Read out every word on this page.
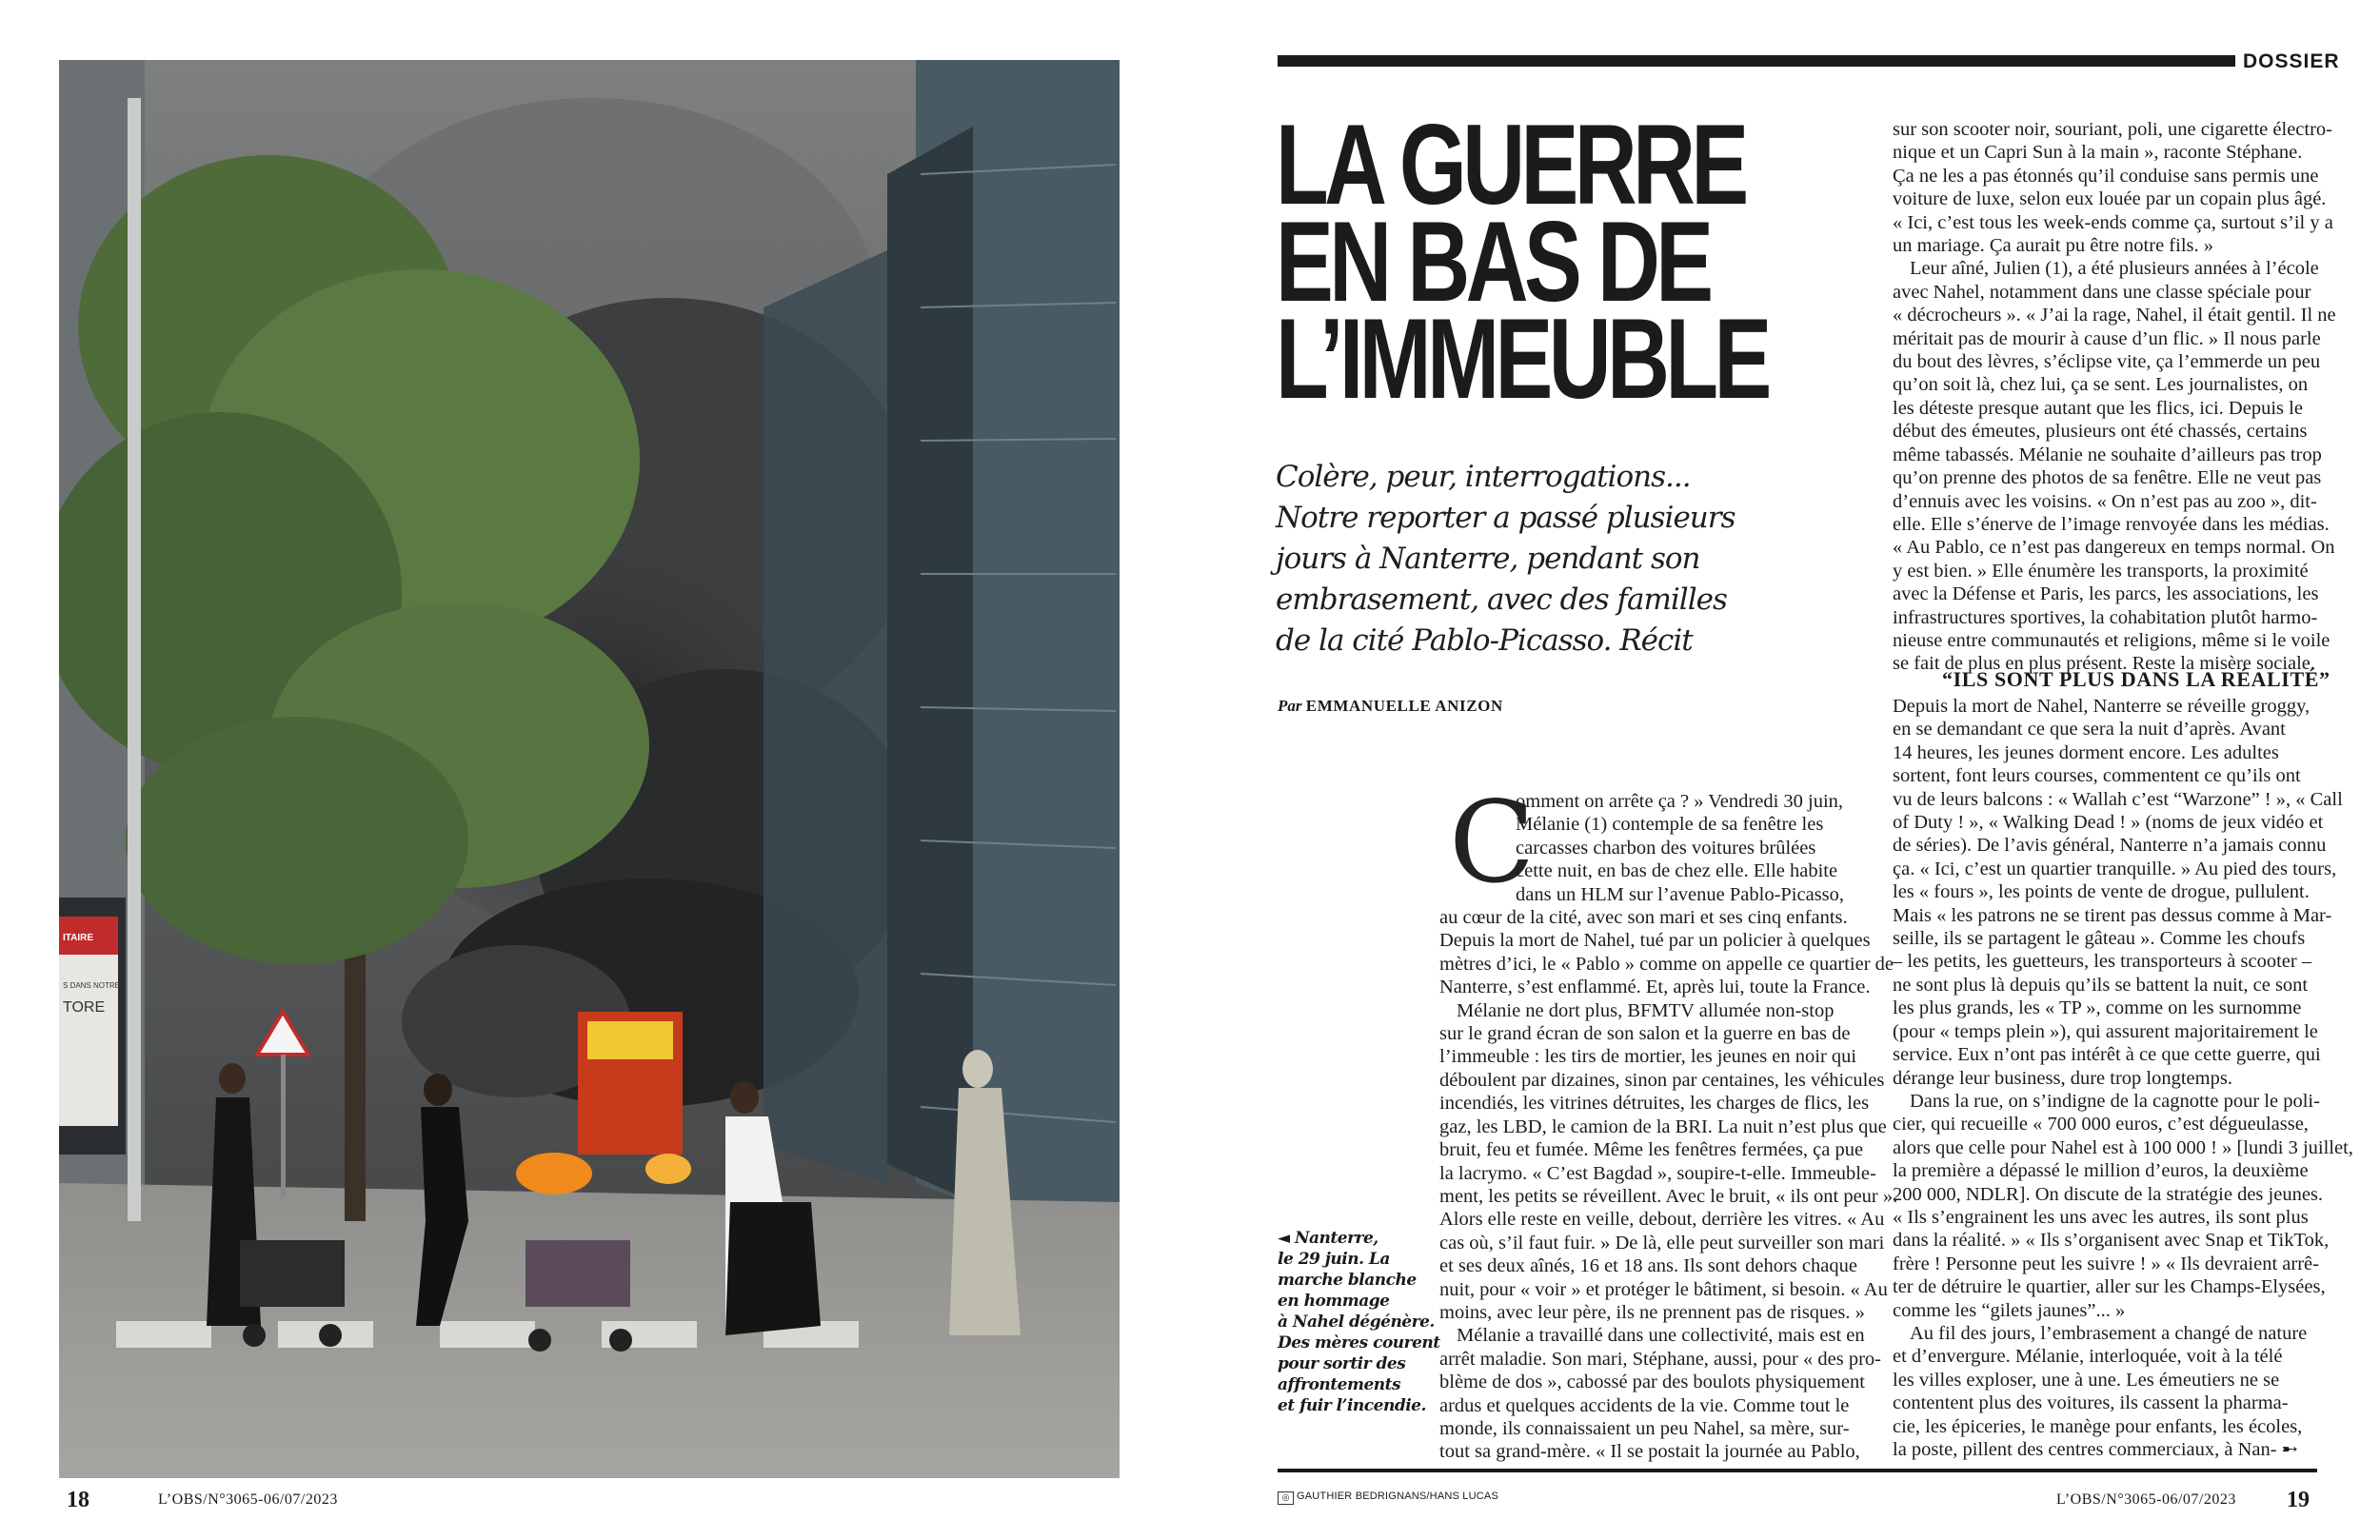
ITAIRE
S DANS NOTRE
TORE
18	L’OBS/N°3065-06/07/2023
DOSSIER
LA GUERRE
EN BAS DE
L’IMMEUBLE

Colère, peur, interrogations...
Notre reporter a passé plusieurs
jours à Nanterre, pendant son
embrasement, avec des familles
de la cité Pablo-Picasso. Récit

Par EMMANUELLE ANIZON
◄ Nanterre,
le 29 juin. La
marche blanche
en hommage
à Nahel dégénère.
Des mères courent
pour sortir des
affrontements
et fuir l’incendie.
C
omment on arrête ça ? » Vendredi 30 juin,
Mélanie (1) contemple de sa fenêtre les
carcasses charbon des voitures brûlées
cette nuit, en bas de chez elle. Elle habite
dans un HLM sur l’avenue Pablo-Picasso,
au cœur de la cité, avec son mari et ses cinq enfants.
Depuis la mort de Nahel, tué par un policier à quelques
mètres d’ici, le « Pablo » comme on appelle ce quartier de
Nanterre, s’est enflammé. Et, après lui, toute la France.
Mélanie ne dort plus, BFMTV allumée non-stop
sur le grand écran de son salon et la guerre en bas de
l’immeuble : les tirs de mortier, les jeunes en noir qui
déboulent par dizaines, sinon par centaines, les véhicules
incendiés, les vitrines détruites, les charges de flics, les
gaz, les LBD, le camion de la BRI. La nuit n’est plus que
bruit, feu et fumée. Même les fenêtres fermées, ça pue
la lacrymo. « C’est Bagdad », soupire-t-elle. Immeuble-
ment, les petits se réveillent. Avec le bruit, « ils ont peur ».
Alors elle reste en veille, debout, derrière les vitres. « Au
cas où, s’il faut fuir. » De là, elle peut surveiller son mari
et ses deux aînés, 16 et 18 ans. Ils sont dehors chaque
nuit, pour « voir » et protéger le bâtiment, si besoin. « Au
moins, avec leur père, ils ne prennent pas de risques. »
Mélanie a travaillé dans une collectivité, mais est en
arrêt maladie. Son mari, Stéphane, aussi, pour « des pro-
blème de dos », cabossé par des boulots physiquement
ardus et quelques accidents de la vie. Comme tout le
monde, ils connaissaient un peu Nahel, sa mère, sur-
tout sa grand-mère. « Il se postait la journée au Pablo,
sur son scooter noir, souriant, poli, une cigarette électro-
nique et un Capri Sun à la main », raconte Stéphane.
Ça ne les a pas étonnés qu’il conduise sans permis une
voiture de luxe, selon eux louée par un copain plus âgé.
« Ici, c’est tous les week-ends comme ça, surtout s’il y a
un mariage. Ça aurait pu être notre fils. »
Leur aîné, Julien (1), a été plusieurs années à l’école
avec Nahel, notamment dans une classe spéciale pour
« décrocheurs ». « J’ai la rage, Nahel, il était gentil. Il ne
méritait pas de mourir à cause d’un flic. » Il nous parle
du bout des lèvres, s’éclipse vite, ça l’emmerde un peu
qu’on soit là, chez lui, ça se sent. Les journalistes, on
les déteste presque autant que les flics, ici. Depuis le
début des émeutes, plusieurs ont été chassés, certains
même tabassés. Mélanie ne souhaite d’ailleurs pas trop
qu’on prenne des photos de sa fenêtre. Elle ne veut pas
d’ennuis avec les voisins. « On n’est pas au zoo », dit-
elle. Elle s’énerve de l’image renvoyée dans les médias.
« Au Pablo, ce n’est pas dangereux en temps normal. On
y est bien. » Elle énumère les transports, la proximité
avec la Défense et Paris, les parcs, les associations, les
infrastructures sportives, la cohabitation plutôt harmo-
nieuse entre communautés et religions, même si le voile
se fait de plus en plus présent. Reste la misère sociale.
“ILS SONT PLUS DANS LA RÉALITÉ”
Depuis la mort de Nahel, Nanterre se réveille groggy,
en se demandant ce que sera la nuit d’après. Avant
14 heures, les jeunes dorment encore. Les adultes
sortent, font leurs courses, commentent ce qu’ils ont
vu de leurs balcons : « Wallah c’est “Warzone” ! », « Call
of Duty ! », « Walking Dead ! » (noms de jeux vidéo et
de séries). De l’avis général, Nanterre n’a jamais connu
ça. « Ici, c’est un quartier tranquille. » Au pied des tours,
les « fours », les points de vente de drogue, pullulent.
Mais « les patrons ne se tirent pas dessus comme à Mar-
seille, ils se partagent le gâteau ». Comme les choufs
– les petits, les guetteurs, les transporteurs à scooter –
ne sont plus là depuis qu’ils se battent la nuit, ce sont
les plus grands, les « TP », comme on les surnomme
(pour « temps plein »), qui assurent majoritairement le
service. Eux n’ont pas intérêt à ce que cette guerre, qui
dérange leur business, dure trop longtemps.
Dans la rue, on s’indigne de la cagnotte pour le poli-
cier, qui recueille « 700 000 euros, c’est dégueulasse,
alors que celle pour Nahel est à 100 000 ! » [lundi 3 juillet,
la première a dépassé le million d’euros, la deuxième
200 000, NDLR]. On discute de la stratégie des jeunes.
« Ils s’engrainent les uns avec les autres, ils sont plus
dans la réalité. » « Ils s’organisent avec Snap et TikTok,
frère ! Personne peut les suivre ! » « Ils devraient arrê-
ter de détruire le quartier, aller sur les Champs-Elysées,
comme les “gilets jaunes”... »
Au fil des jours, l’embrasement a changé de nature
et d’envergure. Mélanie, interloquée, voit à la télé
les villes exploser, une à une. Les émeutiers ne se
contentent plus des voitures, ils cassent la pharma-
cie, les épiceries, le manège pour enfants, les écoles,
la poste, pillent des centres commerciaux, à Nan- ➸
◎ GAUTHIER BEDRIGNANS/HANS LUCAS	L’OBS/N°3065-06/07/2023 19
